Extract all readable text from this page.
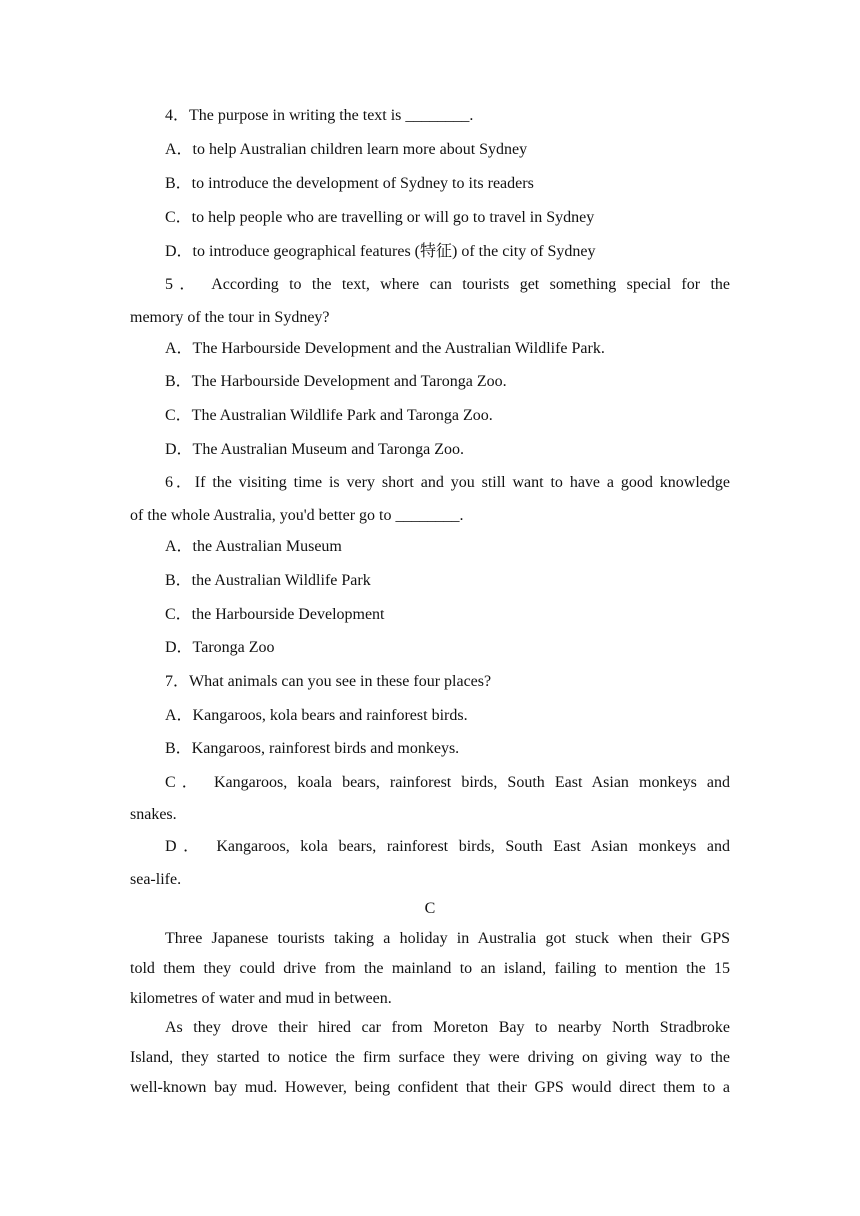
4．The purpose in writing the text is ________.
A．to help Australian children learn more about Sydney
B．to introduce the development of Sydney to its readers
C．to help people who are travelling or will go to travel in Sydney
D．to introduce geographical features (特征) of the city of Sydney
5． According to the text, where can tourists get something special for the
memory of the tour in Sydney?
A．The Harbourside Development and the Australian Wildlife Park.
B．The Harbourside Development and Taronga Zoo.
C．The Australian Wildlife Park and Taronga Zoo.
D．The Australian Museum and Taronga Zoo.
6．If the visiting time is very short and you still want to have a good knowledge
of the whole Australia, you'd better go to ________.
A．the Australian Museum
B．the Australian Wildlife Park
C．the Harbourside Development
D．Taronga Zoo
7．What animals can you see in these four places?
A．Kangaroos, kola bears and rainforest birds.
B．Kangaroos, rainforest birds and monkeys.
C． Kangaroos, koala bears, rainforest birds, South East Asian monkeys and
snakes.
D． Kangaroos, kola bears, rainforest birds, South East Asian monkeys and
sea-life.
C
Three Japanese tourists taking a holiday in Australia got stuck when their GPS
told them they could drive from the mainland to an island, failing to mention the 15
kilometres of water and mud in between.
As they drove their hired car from Moreton Bay to nearby North Stradbroke
Island, they started to notice the firm surface they were driving on giving way to the
well-known bay mud. However, being confident that their GPS would direct them to a
